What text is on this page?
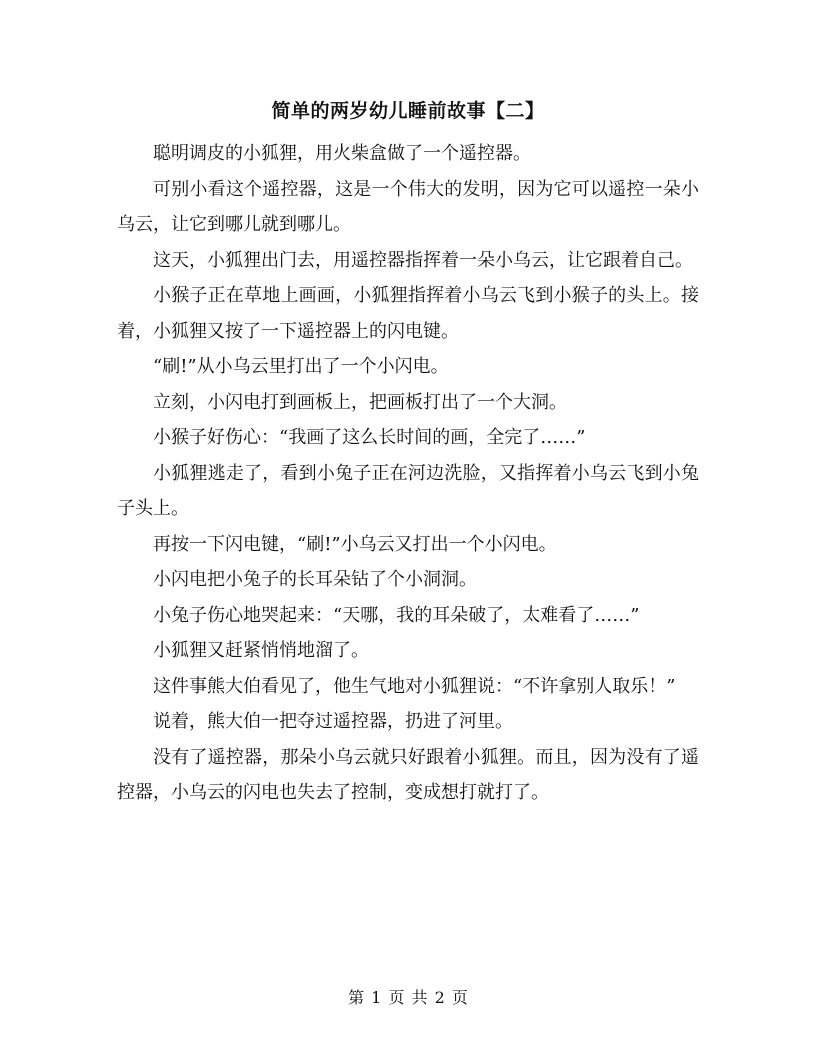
简单的两岁幼儿睡前故事【二】

聪明调皮的小狐狸，用火柴盒做了一个遥控器。

可别小看这个遥控器，这是一个伟大的发明，因为它可以遥控一朵小乌云，让它到哪儿就到哪儿。

这天，小狐狸出门去，用遥控器指挥着一朵小乌云，让它跟着自己。

小猴子正在草地上画画，小狐狸指挥着小乌云飞到小猴子的头上。接着，小狐狸又按了一下遥控器上的闪电键。

“刷!”从小乌云里打出了一个小闪电。

立刻，小闪电打到画板上，把画板打出了一个大洞。

小猴子好伤心：“我画了这么长时间的画，全完了……”

小狐狸逃走了，看到小兔子正在河边洗脸，又指挥着小乌云飞到小兔子头上。

再按一下闪电键，“刷!”小乌云又打出一个小闪电。

小闪电把小兔子的长耳朵钻了个小洞洞。

小兔子伤心地哭起来：“天哪，我的耳朵破了，太难看了……”

小狐狸又赶紧悄悄地溜了。

这件事熊大伯看见了，他生气地对小狐狸说：“不许拿别人取乐！”

说着，熊大伯一把夺过遥控器，扔进了河里。

没有了遥控器，那朵小乌云就只好跟着小狐狸。而且，因为没有了遥控器，小乌云的闪电也失去了控制，变成想打就打了。

第 1 页 共 2 页
